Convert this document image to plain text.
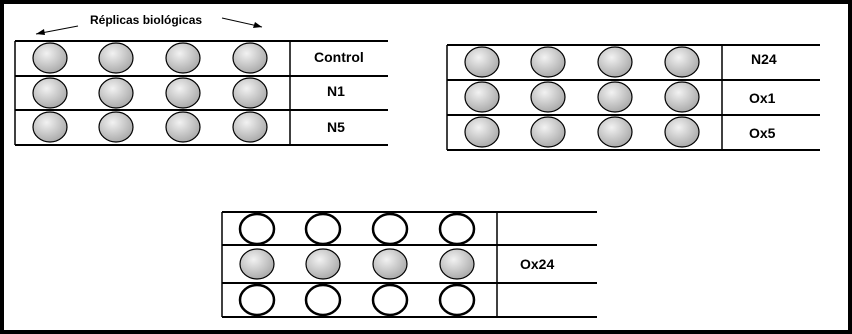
Réplicas biológicas
Control
N1
N5
N24
Ox1
Ox5
Ox24
